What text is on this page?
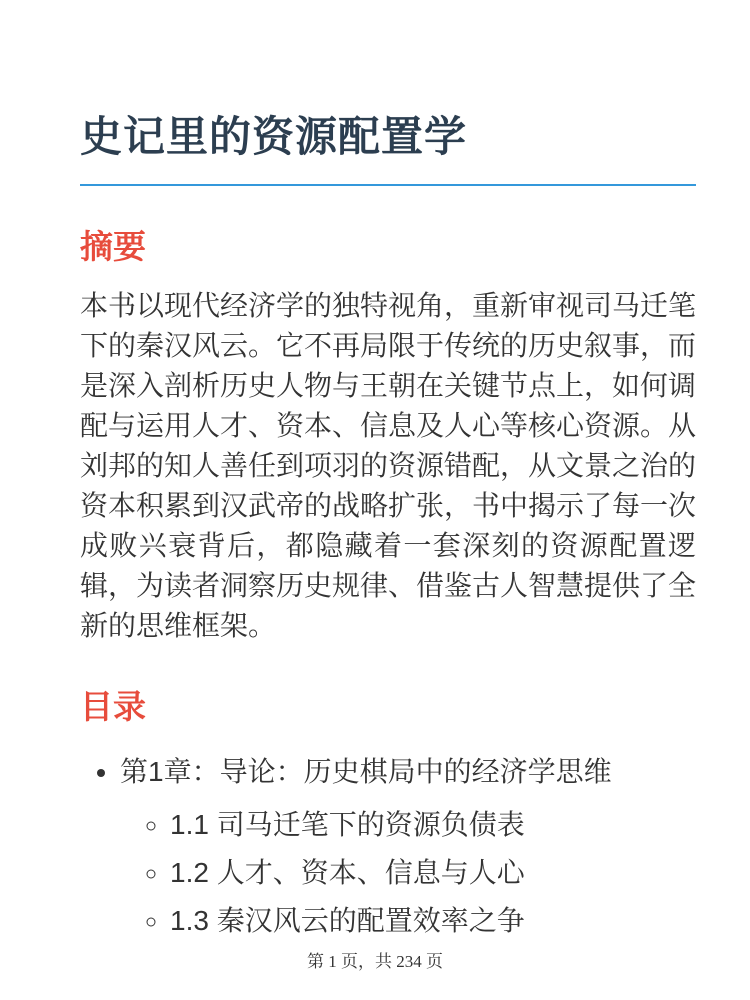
史记里的资源配置学
摘要

本书以现代经济学的独特视角，重新审视司马迁笔下的秦汉风云。它不再局限于传统的历史叙事，而是深入剖析历史人物与王朝在关键节点上，如何调配与运用人才、资本、信息及人心等核心资源。从刘邦的知人善任到项羽的资源错配，从文景之治的资本积累到汉武帝的战略扩张，书中揭示了每一次成败兴衰背后，都隐藏着一套深刻的资源配置逻辑，为读者洞察历史规律、借鉴古人智慧提供了全新的思维框架。

目录
• 第1章：导论：历史棋局中的经济学思维
◦ 1.1 司马迁笔下的资源负债表
◦ 1.2 人才、资本、信息与人心
◦ 1.3 秦汉风云的配置效率之争
第 1 页，共 234 页
